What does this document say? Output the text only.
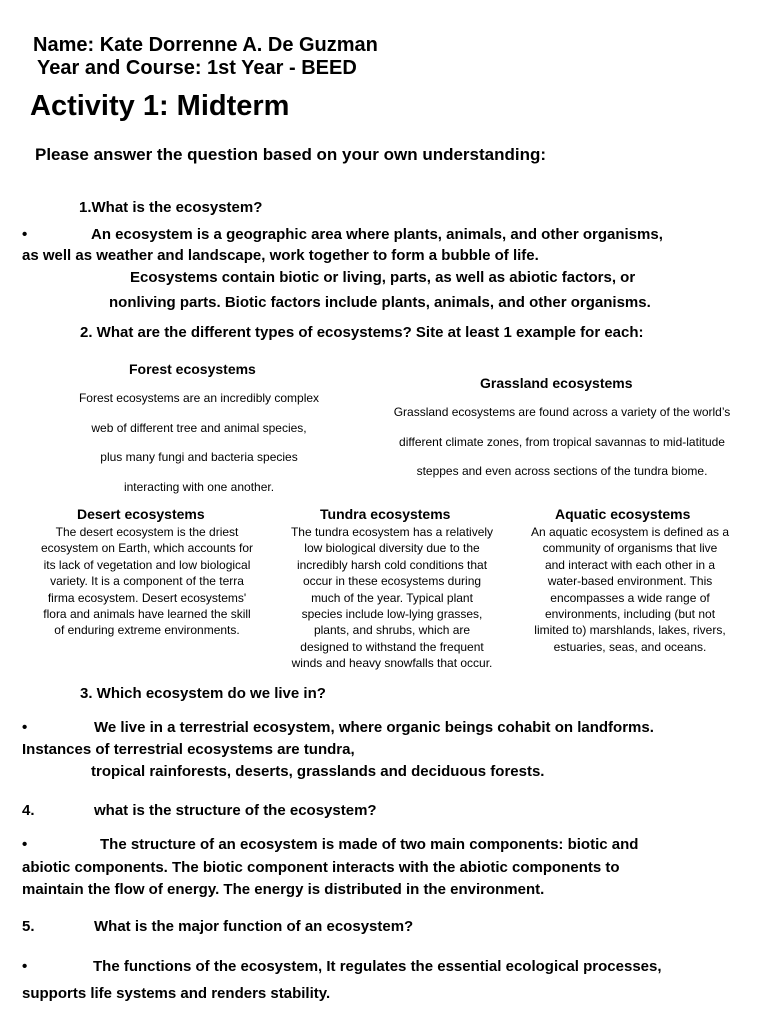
Name: Kate Dorrenne A. De Guzman
Year and Course: 1st Year - BEED
Activity 1: Midterm
Please answer the question based on your own understanding:
1.What is the ecosystem?
•	An ecosystem is a geographic area where plants, animals, and other organisms,
as well as weather and landscape, work together to form a bubble of life.
Ecosystems contain biotic or living, parts, as well as abiotic factors, or
nonliving parts. Biotic factors include plants, animals, and other organisms.
2. What are the different types of ecosystems? Site at least 1 example for each:
Forest ecosystems
Forest ecosystems are an incredibly complex
web of different tree and animal species,
plus many fungi and bacteria species
interacting with one another.
Grassland ecosystems
Grassland ecosystems are found across a variety of the world’s
different climate zones, from tropical savannas to mid-latitude
steppes and even across sections of the tundra biome.
Desert ecosystems
The desert ecosystem is the driest
ecosystem on Earth, which accounts for
its lack of vegetation and low biological
variety. It is a component of the terra
firma ecosystem. Desert ecosystems'
flora and animals have learned the skill
of enduring extreme environments.
Tundra ecosystems
The tundra ecosystem has a relatively
low biological diversity due to the
incredibly harsh cold conditions that
occur in these ecosystems during
much of the year. Typical plant
species include low-lying grasses,
plants, and shrubs, which are
designed to withstand the frequent
winds and heavy snowfalls that occur.
Aquatic ecosystems
An aquatic ecosystem is defined as a
community of organisms that live
and interact with each other in a
water-based environment. This
encompasses a wide range of
environments, including (but not
limited to) marshlands, lakes, rivers,
estuaries, seas, and oceans.
3. Which ecosystem do we live in?
•	We live in a terrestrial ecosystem, where organic beings cohabit on landforms.
Instances of terrestrial ecosystems are tundra,
tropical rainforests, deserts, grasslands and deciduous forests.
4.	what is the structure of the ecosystem?
•	The structure of an ecosystem is made of two main components: biotic and
abiotic components. The biotic component interacts with the abiotic components to
maintain the flow of energy. The energy is distributed in the environment.
5.	What is the major function of an ecosystem?
•	The functions of the ecosystem, It regulates the essential ecological processes,
supports life systems and renders stability.
